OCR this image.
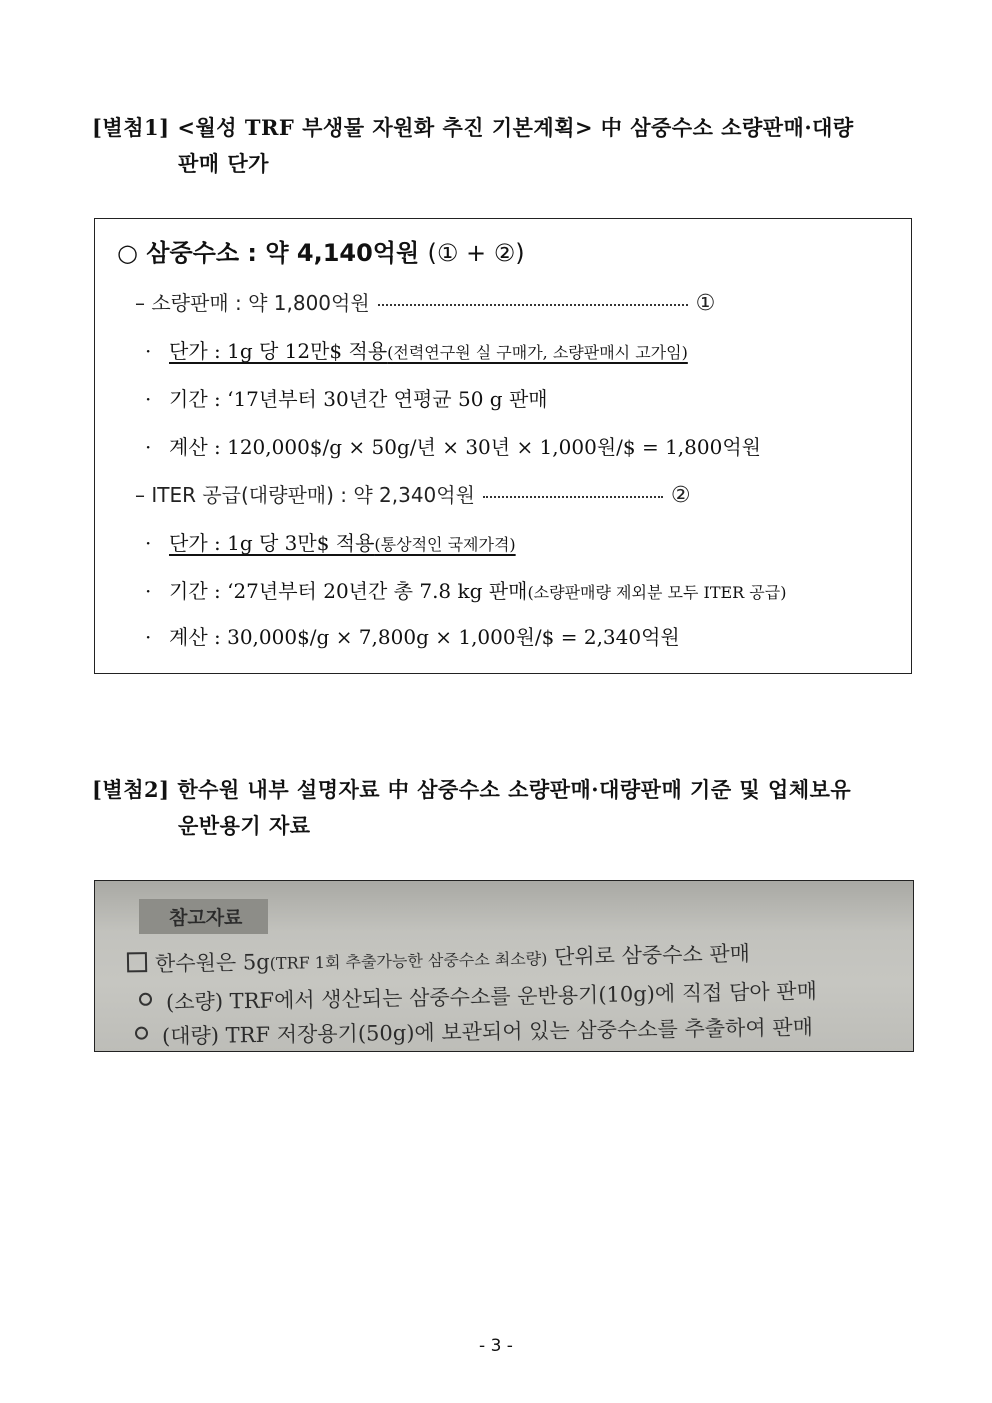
[별첨1] <월성 TRF 부생물 자원화 추진 기본계획> 中 삼중수소 소량판매·대량
판매 단가
○ 삼중수소 : 약 4,140억원 (① + ②)
– 소량판매 : 약 1,800억원	①
· 단가 : 1g 당 12만$ 적용(전력연구원 실 구매가, 소량판매시 고가임)
· 기간 : ‘17년부터 30년간 연평균 50 g 판매
· 계산 : 120,000$/g × 50g/년 × 30년 × 1,000원/$ = 1,800억원
– ITER 공급(대량판매) : 약 2,340억원	②
· 단가 : 1g 당 3만$ 적용(통상적인 국제가격)
· 기간 : ‘27년부터 20년간 총 7.8 kg 판매(소량판매량 제외분 모두 ITER 공급)
· 계산 : 30,000$/g × 7,800g × 1,000원/$ = 2,340억원
[별첨2] 한수원 내부 설명자료 中 삼중수소 소량판매·대량판매 기준 및 업체보유
운반용기 자료
참고자료
한수원은 5g(TRF 1회 추출가능한 삼중수소 최소량) 단위로 삼중수소 판매
(소량) TRF에서 생산되는 삼중수소를 운반용기(10g)에 직접 담아 판매
(대량) TRF 저장용기(50g)에 보관되어 있는 삼중수소를 추출하여 판매
- 3 -
